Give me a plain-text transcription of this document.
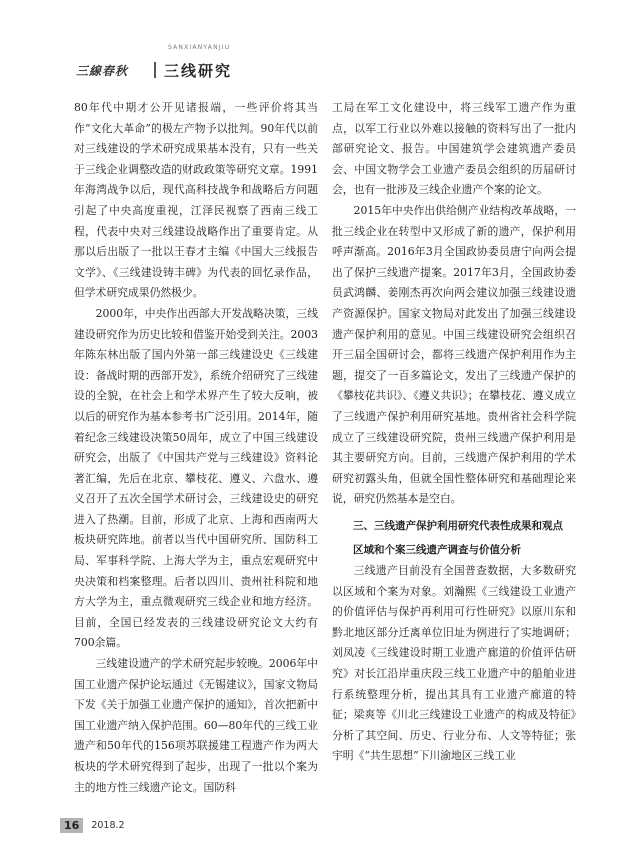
SANXIANYANJIU
三線春秋 三线研究

80年代中期才公开见诸报端，一些评价将其当作“文化大革命”的极左产物予以批判。90年代以前对三线建设的学术研究成果基本没有，只有一些关于三线企业调整改造的财政政策等研究文章。1991年海湾战争以后，现代高科技战争和战略后方问题引起了中央高度重视，江泽民视察了西南三线工程，代表中央对三线建设战略作出了重要肯定。从那以后出版了一批以王春才主编《中国大三线报告文学》、《三线建设铸丰碑》为代表的回忆录作品，但学术研究成果仍然极少。

2000年，中央作出西部大开发战略决策，三线建设研究作为历史比较和借鉴开始受到关注。2003年陈东林出版了国内外第一部三线建设史《三线建设：备战时期的西部开发》，系统介绍研究了三线建设的全貌，在社会上和学术界产生了较大反响，被以后的研究作为基本参考书广泛引用。2014年，随着纪念三线建设决策50周年，成立了中国三线建设研究会，出版了《中国共产党与三线建设》资料论著汇编，先后在北京、攀枝花、遵义、六盘水、遵义召开了五次全国学术研讨会，三线建设史的研究进入了热潮。目前，形成了北京、上海和西南两大板块研究阵地。前者以当代中国研究所、国防科工局、军事科学院、上海大学为主，重点宏观研究中央决策和档案整理。后者以四川、贵州社科院和地方大学为主，重点微观研究三线企业和地方经济。目前，全国已经发表的三线建设研究论文大约有700余篇。

三线建设遗产的学术研究起步较晚。2006年中国工业遗产保护论坛通过《无锡建议》，国家文物局下发《关于加强工业遗产保护的通知》，首次把新中国工业遗产纳入保护范围。60—80年代的三线工业遗产和50年代的156项苏联援建工程遗产作为两大板块的学术研究得到了起步，出现了一批以个案为主的地方性三线遗产论文。国防科

工局在军工文化建设中，将三线军工遗产作为重点，以军工行业以外难以接触的资料写出了一批内部研究论文、报告。中国建筑学会建筑遗产委员会、中国文物学会工业遗产委员会组织的历届研讨会，也有一批涉及三线企业遗产个案的论文。

2015年中央作出供给侧产业结构改革战略，一批三线企业在转型中又形成了新的遗产，保护利用呼声渐高。2016年3月全国政协委员唐宁向两会提出了保护三线遗产提案。2017年3月，全国政协委员武鸿麟、姜刚杰再次向两会建议加强三线建设遗产资源保护。国家文物局对此发出了加强三线建设遗产保护利用的意见。中国三线建设研究会组织召开三届全国研讨会，都将三线遗产保护利用作为主题，提交了一百多篇论文，发出了三线遗产保护的《攀枝花共识》、《遵义共识》；在攀枝花、遵义成立了三线遗产保护利用研究基地。贵州省社会科学院成立了三线建设研究院，贵州三线遗产保护利用是其主要研究方向。目前，三线遗产保护利用的学术研究初露头角，但就全国性整体研究和基础理论来说，研究仍然基本是空白。

三、三线遗产保护利用研究代表性成果和观点

区域和个案三线遗产调查与价值分析

三线遗产目前没有全国普查数据，大多数研究以区域和个案为对象。刘瀚熙《三线建设工业遗产的价值评估与保护再利用可行性研究》以原川东和黔北地区部分迁离单位旧址为例进行了实地调研；刘凤凌《三线建设时期工业遗产廊道的价值评估研究》对长江沿岸重庆段三线工业遗产中的船舶业进行系统整理分析，提出其具有工业遗产廊道的特征；梁爽等《川北三线建设工业遗产的构成及特征》分析了其空间、历史、行业分布、人文等特征；张宇明《“共生思想”下川渝地区三线工业

16	2018.2
